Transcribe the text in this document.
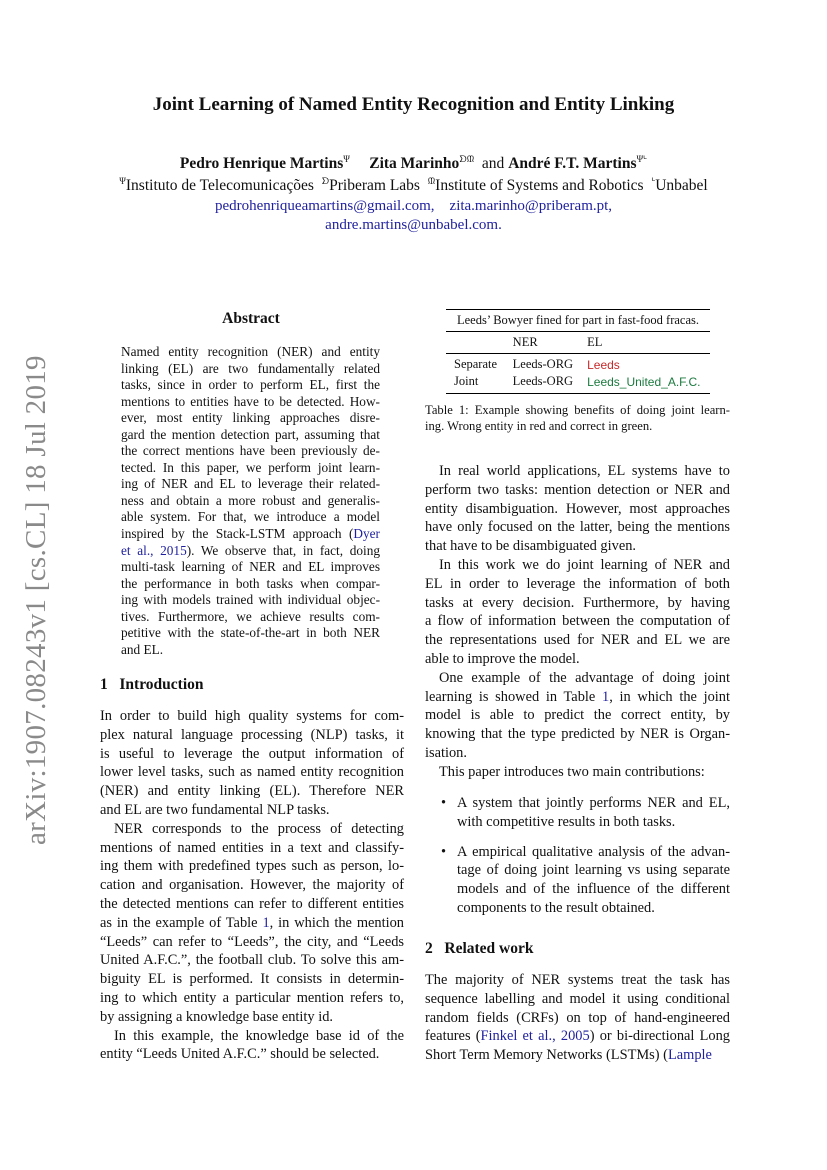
Joint Learning of Named Entity Recognition and Entity Linking
Pedro Henrique Martins$^\Psi$ Zita Marinho$^{ᗤᙢ}$ and André F.T. Martins$^{\Psi ᒡ}$
$^\Psi$Instituto de Telecomunicações $^ᗤ$Priberam Labs $^ᙢ$Institute of Systems and Robotics $^ᒡ$Unbabel
pedrohenriqueamartins@gmail.com, zita.marinho@priberam.pt,
andre.martins@unbabel.com.
arXiv:1907.08243v1 [cs.CL] 18 Jul 2019
Abstract
Named entity recognition (NER) and entity
linking (EL) are two fundamentally related
tasks, since in order to perform EL, first the
mentions to entities have to be detected. How-
ever, most entity linking approaches disre-
gard the mention detection part, assuming that
the correct mentions have been previously de-
tected. In this paper, we perform joint learn-
ing of NER and EL to leverage their related-
ness and obtain a more robust and generalis-
able system. For that, we introduce a model
inspired by the Stack-LSTM approach (Dyer
et al., 2015). We observe that, in fact, doing
multi-task learning of NER and EL improves
the performance in both tasks when compar-
ing with models trained with individual objec-
tives. Furthermore, we achieve results com-
petitive with the state-of-the-art in both NER
and EL.
1 Introduction
In order to build high quality systems for com-
plex natural language processing (NLP) tasks, it
is useful to leverage the output information of
lower level tasks, such as named entity recognition
(NER) and entity linking (EL). Therefore NER
and EL are two fundamental NLP tasks.
NER corresponds to the process of detecting
mentions of named entities in a text and classify-
ing them with predefined types such as person, lo-
cation and organisation. However, the majority of
the detected mentions can refer to different entities
as in the example of Table 1, in which the mention
“Leeds” can refer to “Leeds”, the city, and “Leeds
United A.F.C.”, the football club. To solve this am-
biguity EL is performed. It consists in determin-
ing to which entity a particular mention refers to,
by assigning a knowledge base entity id.
In this example, the knowledge base id of the
entity “Leeds United A.F.C.” should be selected.
Leeds’ Bowyer fined for part in fast-food fracas.		
	NER	EL
Separate	Leeds-ORG	Leeds
Joint	Leeds-ORG	Leeds_United_A.F.C.
Table 1: Example showing benefits of doing joint learn-
ing. Wrong entity in red and correct in green.
In real world applications, EL systems have to
perform two tasks: mention detection or NER and
entity disambiguation. However, most approaches
have only focused on the latter, being the mentions
that have to be disambiguated given.
In this work we do joint learning of NER and
EL in order to leverage the information of both
tasks at every decision. Furthermore, by having
a flow of information between the computation of
the representations used for NER and EL we are
able to improve the model.
One example of the advantage of doing joint
learning is showed in Table 1, in which the joint
model is able to predict the correct entity, by
knowing that the type predicted by NER is Organ-
isation.
This paper introduces two main contributions:
• A system that jointly performs NER and EL,
with competitive results in both tasks.
• A empirical qualitative analysis of the advan-
tage of doing joint learning vs using separate
models and of the influence of the different
components to the result obtained.
2 Related work
The majority of NER systems treat the task has
sequence labelling and model it using conditional
random fields (CRFs) on top of hand-engineered
features (Finkel et al., 2005) or bi-directional Long
Short Term Memory Networks (LSTMs) (Lample
